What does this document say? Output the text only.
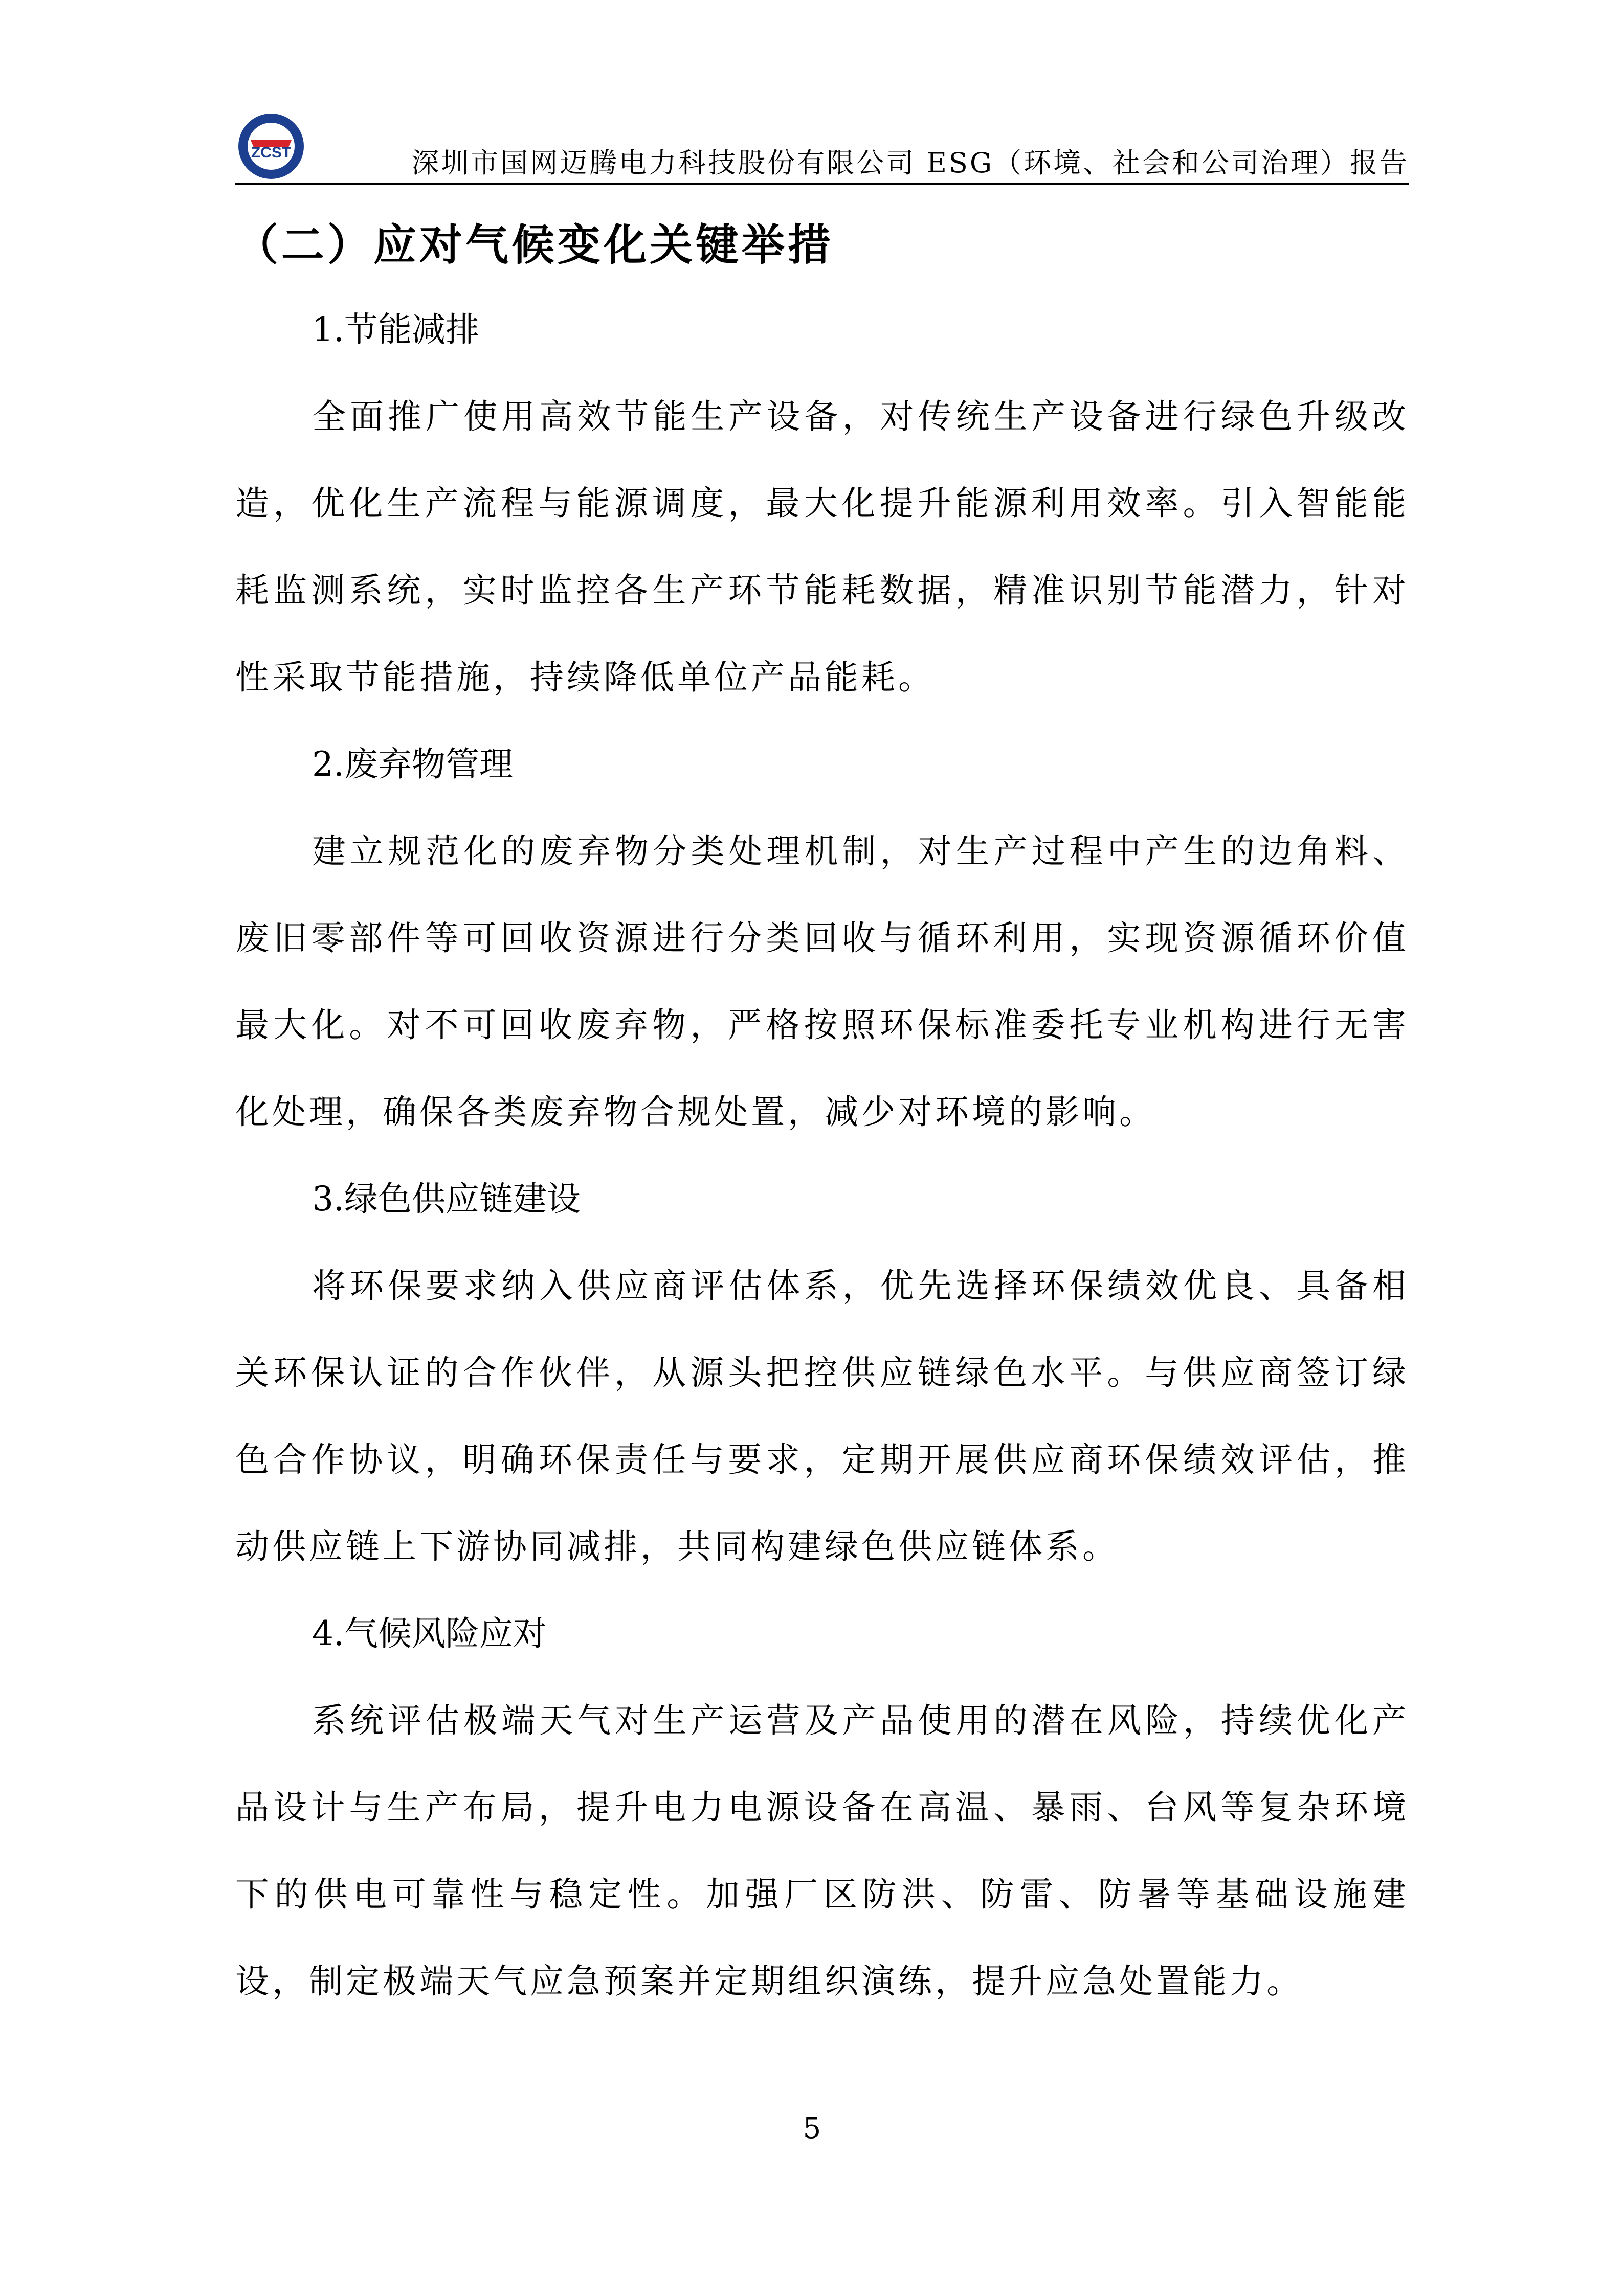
ZCST	深圳市国网迈腾电力科技股份有限公司 ESG（环境、社会和公司治理）报告
（二）应对气候变化关键举措

1.节能减排

全面推广使用高效节能生产设备，对传统生产设备进行绿色升级改造，优化生产流程与能源调度，最大化提升能源利用效率。引入智能能耗监测系统，实时监控各生产环节能耗数据，精准识别节能潜力，针对性采取节能措施，持续降低单位产品能耗。

2.废弃物管理

建立规范化的废弃物分类处理机制，对生产过程中产生的边角料、废旧零部件等可回收资源进行分类回收与循环利用，实现资源循环价值最大化。对不可回收废弃物，严格按照环保标准委托专业机构进行无害化处理，确保各类废弃物合规处置，减少对环境的影响。

3.绿色供应链建设

将环保要求纳入供应商评估体系，优先选择环保绩效优良、具备相关环保认证的合作伙伴，从源头把控供应链绿色水平。与供应商签订绿色合作协议，明确环保责任与要求，定期开展供应商环保绩效评估，推动供应链上下游协同减排，共同构建绿色供应链体系。

4.气候风险应对

系统评估极端天气对生产运营及产品使用的潜在风险，持续优化产品设计与生产布局，提升电力电源设备在高温、暴雨、台风等复杂环境下的供电可靠性与稳定性。加强厂区防洪、防雷、防暑等基础设施建设，制定极端天气应急预案并定期组织演练，提升应急处置能力。

5
